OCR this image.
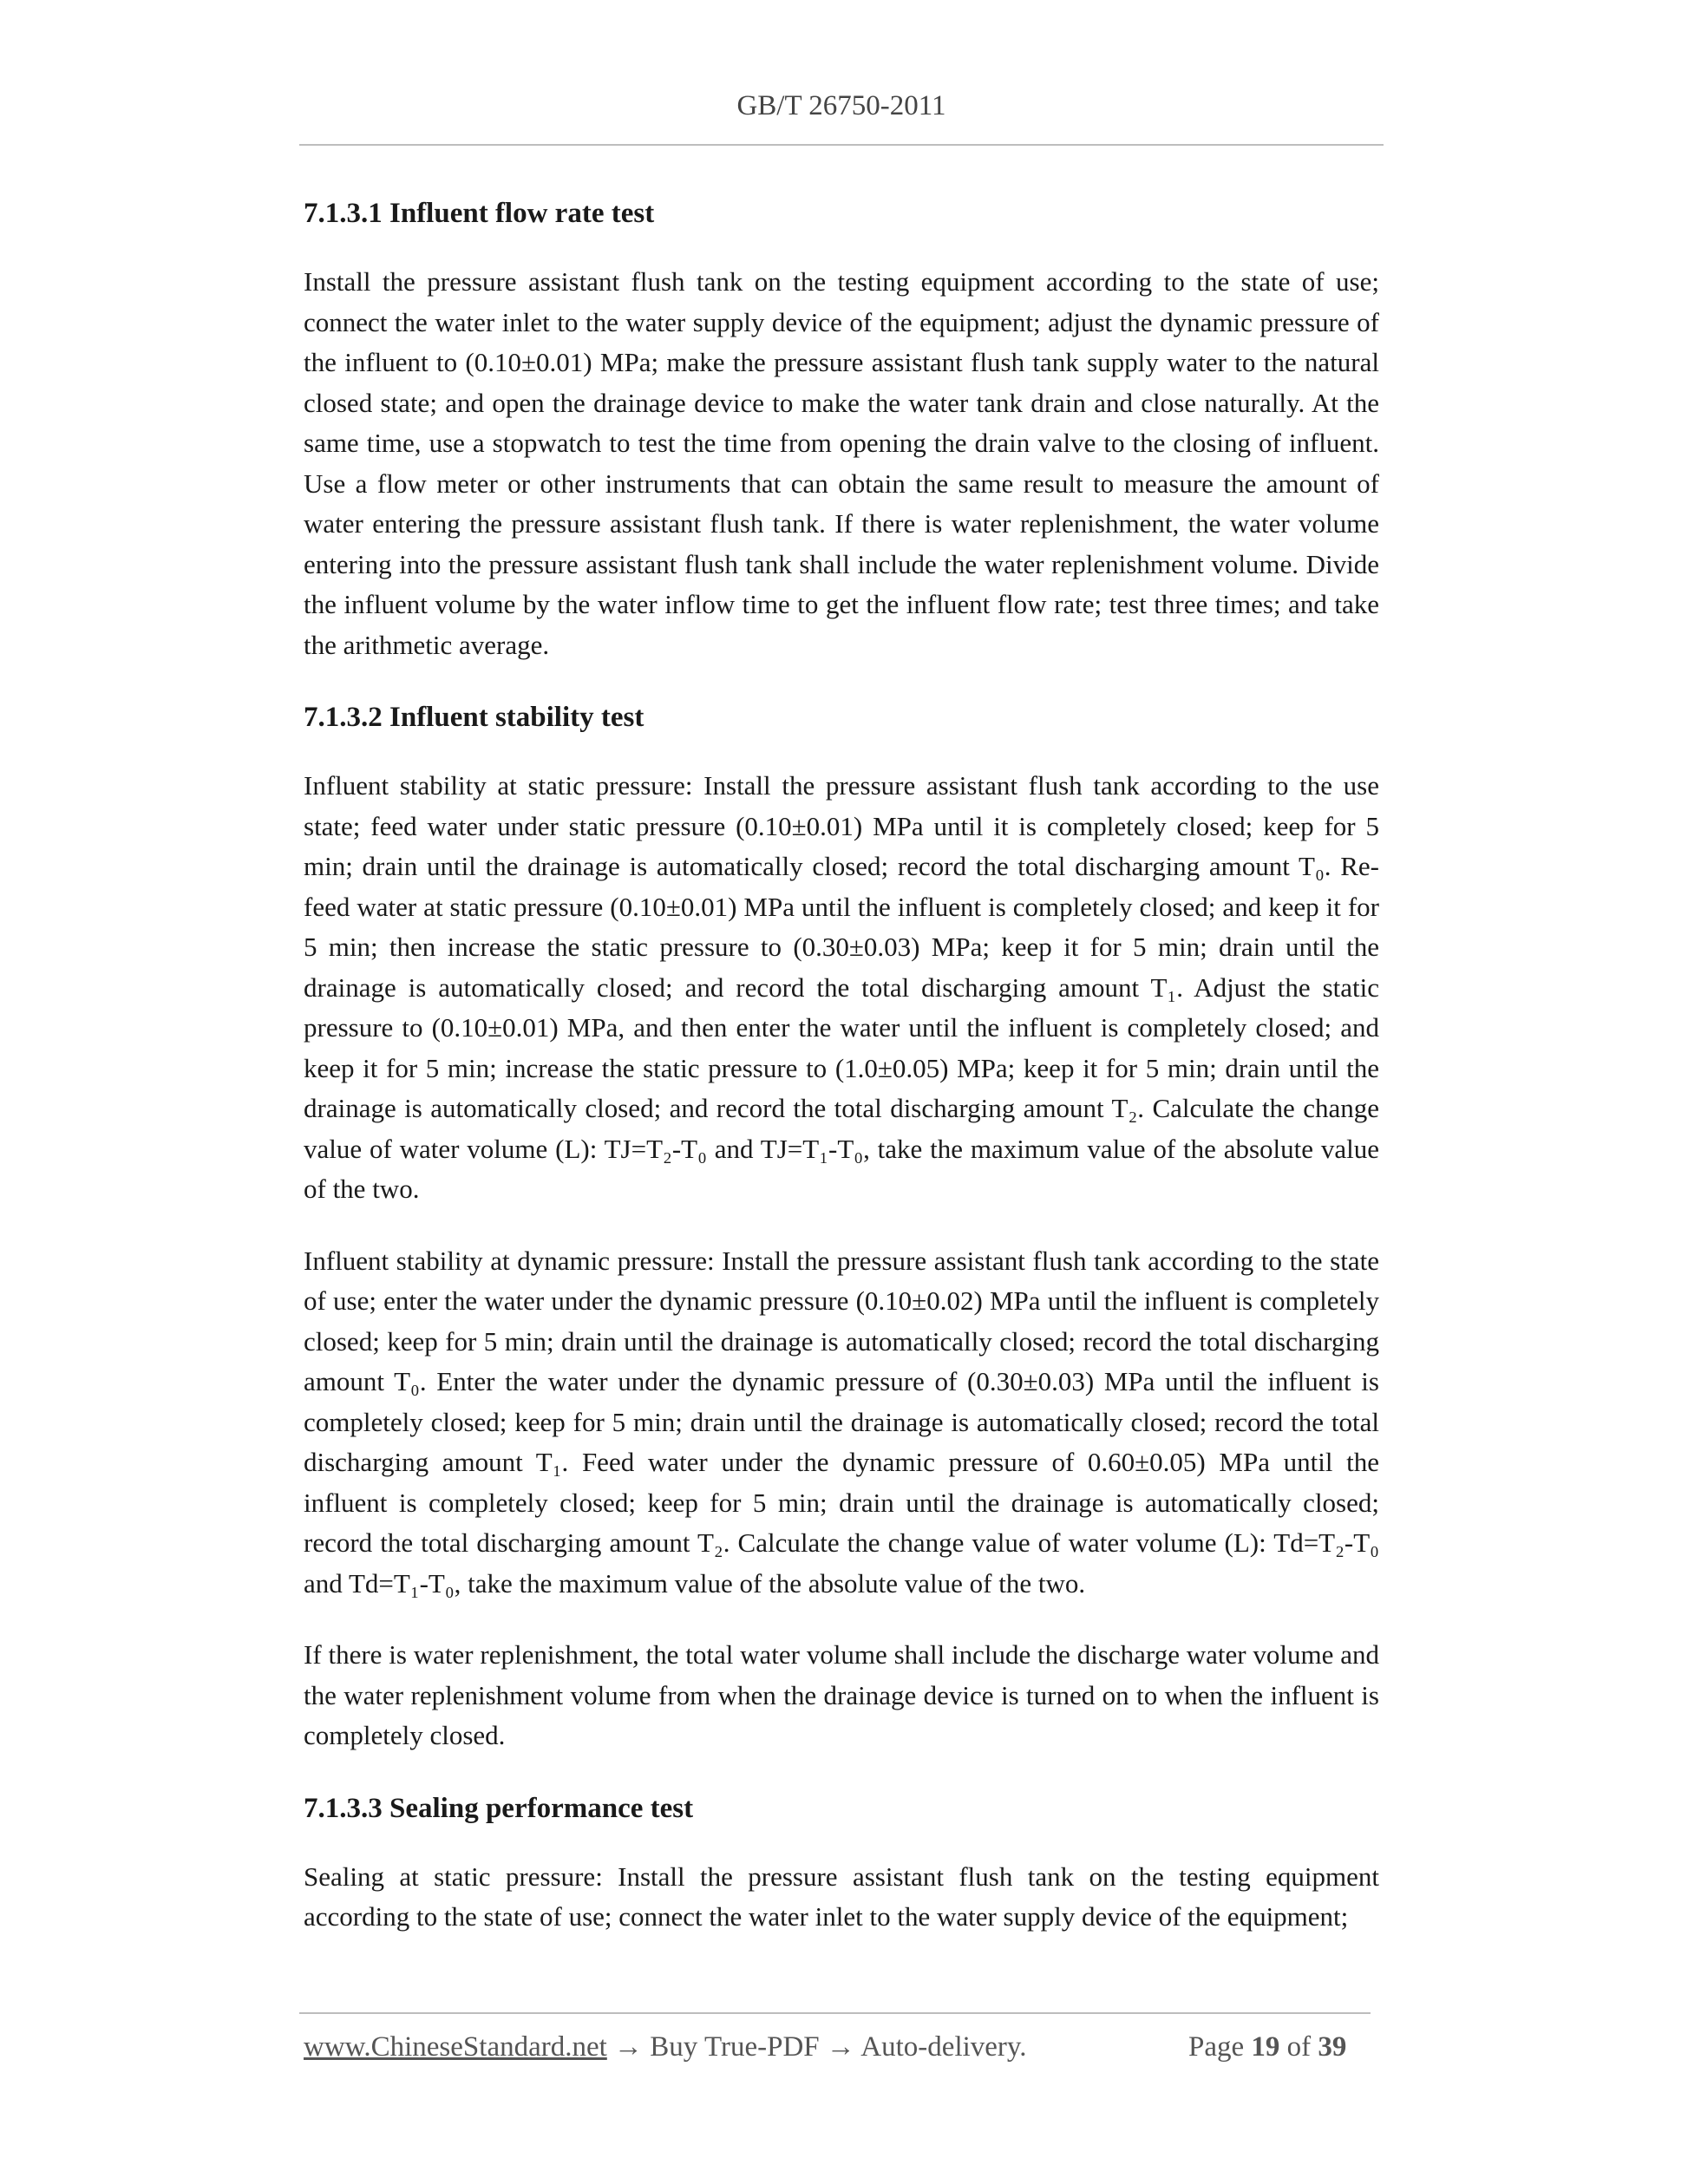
GB/T 26750-2011
7.1.3.1 Influent flow rate test

Install the pressure assistant flush tank on the testing equipment according to the state of use; connect the water inlet to the water supply device of the equipment; adjust the dynamic pressure of the influent to (0.10±0.01) MPa; make the pressure assistant flush tank supply water to the natural closed state; and open the drainage device to make the water tank drain and close naturally. At the same time, use a stopwatch to test the time from opening the drain valve to the closing of influent. Use a flow meter or other instruments that can obtain the same result to measure the amount of water entering the pressure assistant flush tank. If there is water replenishment, the water volume entering into the pressure assistant flush tank shall include the water replenishment volume. Divide the influent volume by the water inflow time to get the influent flow rate; test three times; and take the arithmetic average.

7.1.3.2 Influent stability test

Influent stability at static pressure: Install the pressure assistant flush tank according to the use state; feed water under static pressure (0.10±0.01) MPa until it is completely closed; keep for 5 min; drain until the drainage is automatically closed; record the total discharging amount T₀. Re-feed water at static pressure (0.10±0.01) MPa until the influent is completely closed; and keep it for 5 min; then increase the static pressure to (0.30±0.03) MPa; keep it for 5 min; drain until the drainage is automatically closed; and record the total discharging amount T₁. Adjust the static pressure to (0.10±0.01) MPa, and then enter the water until the influent is completely closed; and keep it for 5 min; increase the static pressure to (1.0±0.05) MPa; keep it for 5 min; drain until the drainage is automatically closed; and record the total discharging amount T₂. Calculate the change value of water volume (L): TJ=T₂-T₀ and TJ=T₁-T₀, take the maximum value of the absolute value of the two.

Influent stability at dynamic pressure: Install the pressure assistant flush tank according to the state of use; enter the water under the dynamic pressure (0.10±0.02) MPa until the influent is completely closed; keep for 5 min; drain until the drainage is automatically closed; record the total discharging amount T₀. Enter the water under the dynamic pressure of (0.30±0.03) MPa until the influent is completely closed; keep for 5 min; drain until the drainage is automatically closed; record the total discharging amount T₁. Feed water under the dynamic pressure of 0.60±0.05) MPa until the influent is completely closed; keep for 5 min; drain until the drainage is automatically closed; record the total discharging amount T₂. Calculate the change value of water volume (L): Td=T₂-T₀ and Td=T₁-T₀, take the maximum value of the absolute value of the two.

If there is water replenishment, the total water volume shall include the discharge water volume and the water replenishment volume from when the drainage device is turned on to when the influent is completely closed.

7.1.3.3 Sealing performance test

Sealing at static pressure: Install the pressure assistant flush tank on the testing equipment according to the state of use; connect the water inlet to the water supply device of the equipment;

www.ChineseStandard.net → Buy True-PDF → Auto-delivery.	Page 19 of 39
